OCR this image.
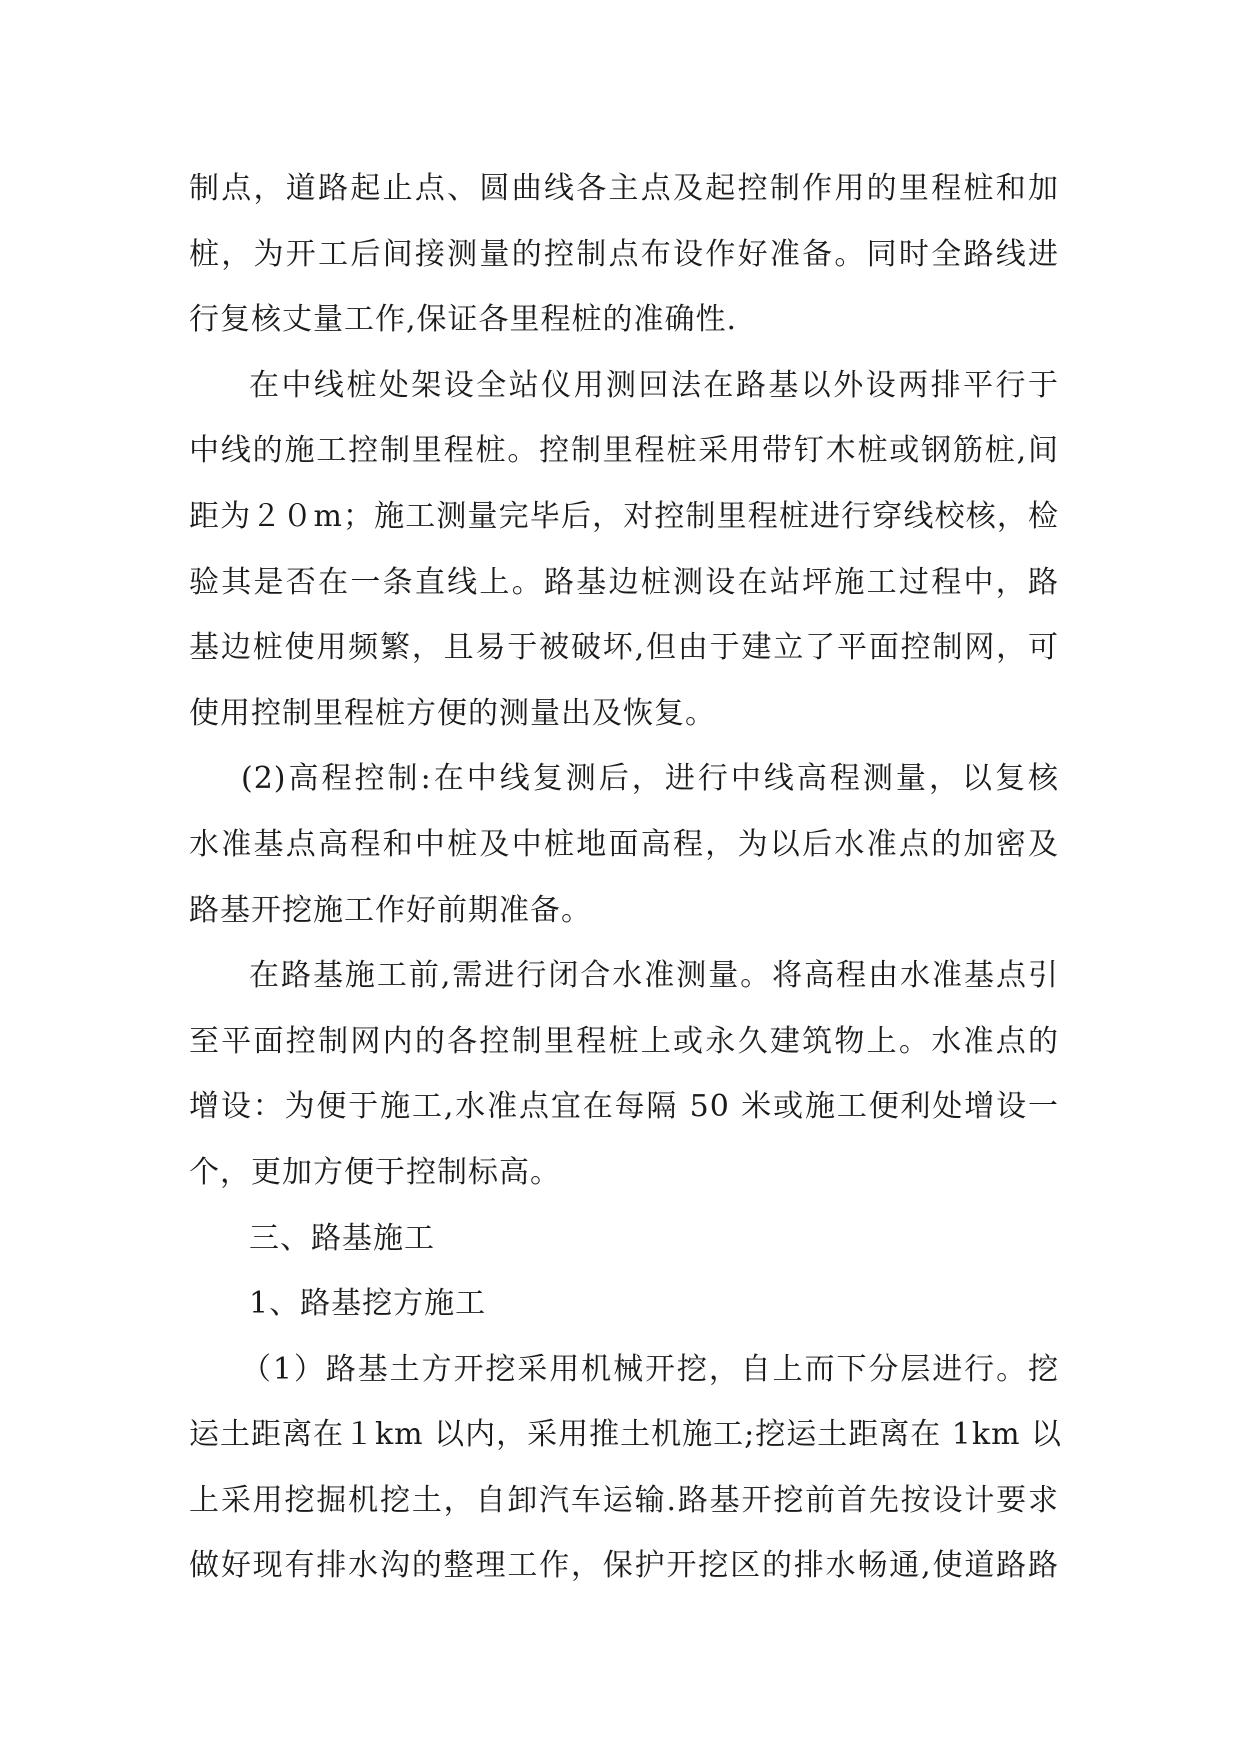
制点，道路起止点、圆曲线各主点及起控制作用的里程桩和加
桩，为开工后间接测量的控制点布设作好准备。同时全路线进
行复核丈量工作,保证各里程桩的准确性.
在中线桩处架设全站仪用测回法在路基以外设两排平行于
中线的施工控制里程桩。控制里程桩采用带钉木桩或钢筋桩,间
距为２０m；施工测量完毕后，对控制里程桩进行穿线校核，检
验其是否在一条直线上。路基边桩测设在站坪施工过程中，路
基边桩使用频繁，且易于被破坏,但由于建立了平面控制网，可
使用控制里程桩方便的测量出及恢复。
(2)高程控制:在中线复测后，进行中线高程测量，以复核
水准基点高程和中桩及中桩地面高程，为以后水准点的加密及
路基开挖施工作好前期准备。
在路基施工前,需进行闭合水准测量。将高程由水准基点引
至平面控制网内的各控制里程桩上或永久建筑物上。水准点的
增设：为便于施工,水准点宜在每隔 50 米或施工便利处增设一
个，更加方便于控制标高。
三、路基施工
1、路基挖方施工
（1）路基土方开挖采用机械开挖，自上而下分层进行。挖
运土距离在１km 以内，采用推土机施工;挖运土距离在 1km 以
上采用挖掘机挖土，自卸汽车运输.路基开挖前首先按设计要求
做好现有排水沟的整理工作，保护开挖区的排水畅通,使道路路
